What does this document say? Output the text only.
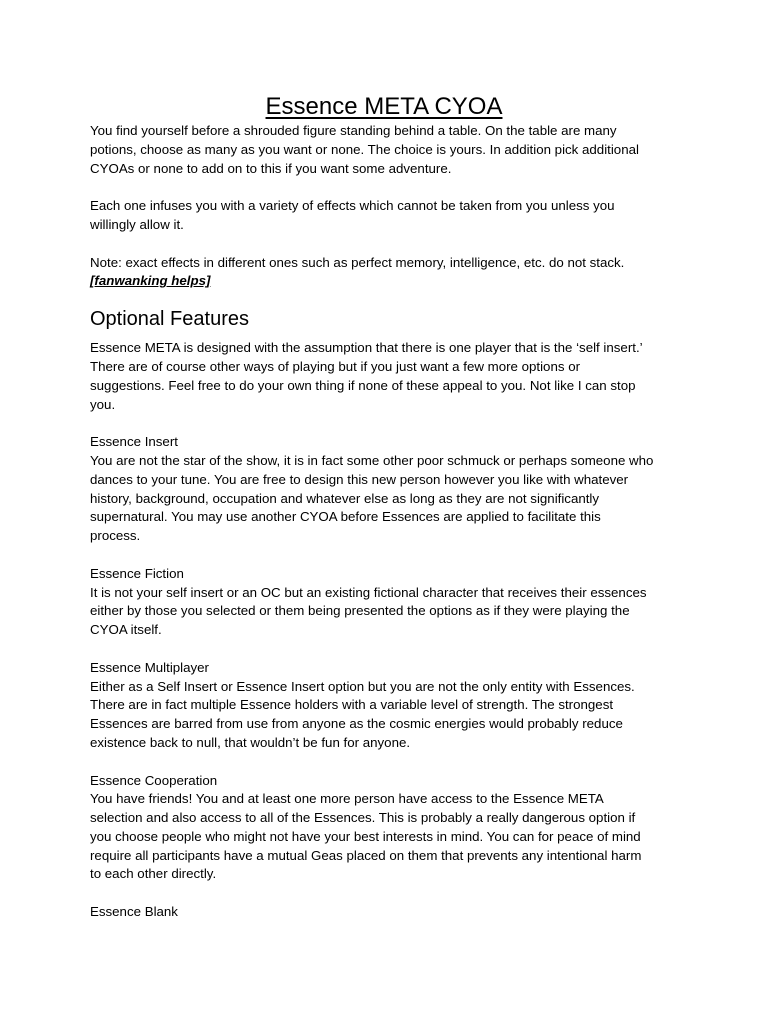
Essence META CYOA

You find yourself before a shrouded figure standing behind a table. On the table are many
potions, choose as many as you want or none. The choice is yours. In addition pick additional
CYOAs or none to add on to this if you want some adventure.

Each one infuses you with a variety of effects which cannot be taken from you unless you
willingly allow it.

Note: exact effects in different ones such as perfect memory, intelligence, etc. do not stack.

[fanwanking helps]
Optional Features

Essence META is designed with the assumption that there is one player that is the ‘self insert.’
There are of course other ways of playing but if you just want a few more options or
suggestions. Feel free to do your own thing if none of these appeal to you. Not like I can stop
you.

Essence Insert

You are not the star of the show, it is in fact some other poor schmuck or perhaps someone who
dances to your tune. You are free to design this new person however you like with whatever
history, background, occupation and whatever else as long as they are not significantly
supernatural. You may use another CYOA before Essences are applied to facilitate this
process.

Essence Fiction

It is not your self insert or an OC but an existing fictional character that receives their essences
either by those you selected or them being presented the options as if they were playing the
CYOA itself.

Essence Multiplayer

Either as a Self Insert or Essence Insert option but you are not the only entity with Essences.
There are in fact multiple Essence holders with a variable level of strength. The strongest
Essences are barred from use from anyone as the cosmic energies would probably reduce
existence back to null, that wouldn’t be fun for anyone.

Essence Cooperation

You have friends! You and at least one more person have access to the Essence META
selection and also access to all of the Essences. This is probably a really dangerous option if
you choose people who might not have your best interests in mind. You can for peace of mind
require all participants have a mutual Geas placed on them that prevents any intentional harm
to each other directly.

Essence Blank
